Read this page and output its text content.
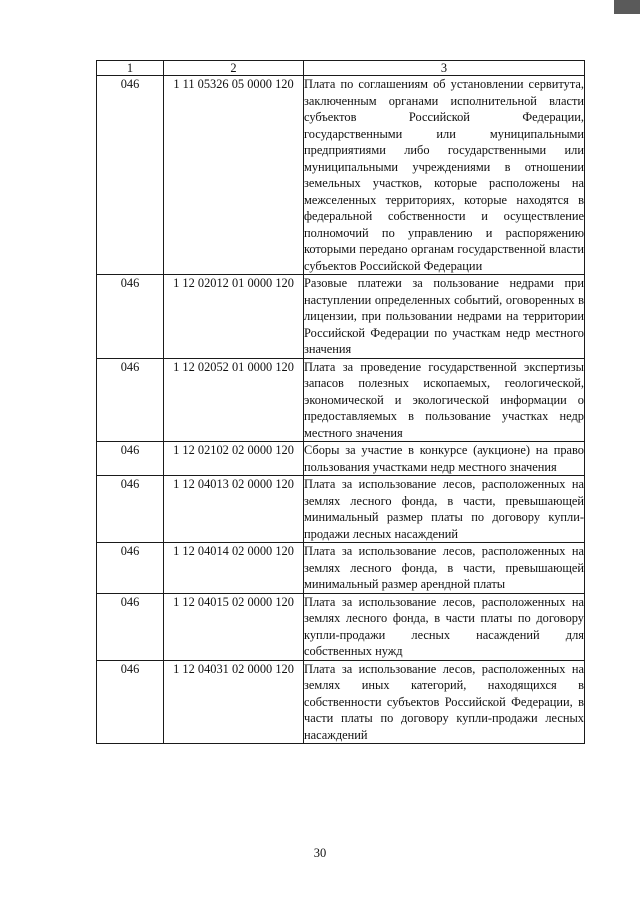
1	2	3
046	1 11 05326 05 0000 120	Плата по соглашениям об установлении сервитута, заключенным органами исполнительной власти субъектов Российской Федерации, государственными или муниципальными предприятиями либо государственными или муниципальными учреждениями в отношении земельных участков, которые расположены на межселенных территориях, которые находятся в федеральной собственности и осуществление полномочий по управлению и распоряжению которыми передано органам государственной власти субъектов Российской Федерации
046	1 12 02012 01 0000 120	Разовые платежи за пользование недрами при наступлении определенных событий, оговоренных в лицензии, при пользовании недрами на территории Российской Федерации по участкам недр местного значения
046	1 12 02052 01 0000 120	Плата за проведение государственной экспертизы запасов полезных ископаемых, геологической, экономической и экологической информации о предоставляемых в пользование участках недр местного значения
046	1 12 02102 02 0000 120	Сборы за участие в конкурсе (аукционе) на право пользования участками недр местного значения
046	1 12 04013 02 0000 120	Плата за использование лесов, расположенных на землях лесного фонда, в части, превышающей минимальный размер платы по договору купли-продажи лесных насаждений
046	1 12 04014 02 0000 120	Плата за использование лесов, расположенных на землях лесного фонда, в части, превышающей минимальный размер арендной платы
046	1 12 04015 02 0000 120	Плата за использование лесов, расположенных на землях лесного фонда, в части платы по договору купли-продажи лесных насаждений для собственных нужд
046	1 12 04031 02 0000 120	Плата за использование лесов, расположенных на землях иных категорий, находящихся в собственности субъектов Российской Федерации, в части платы по договору купли-продажи лесных насаждений
30
